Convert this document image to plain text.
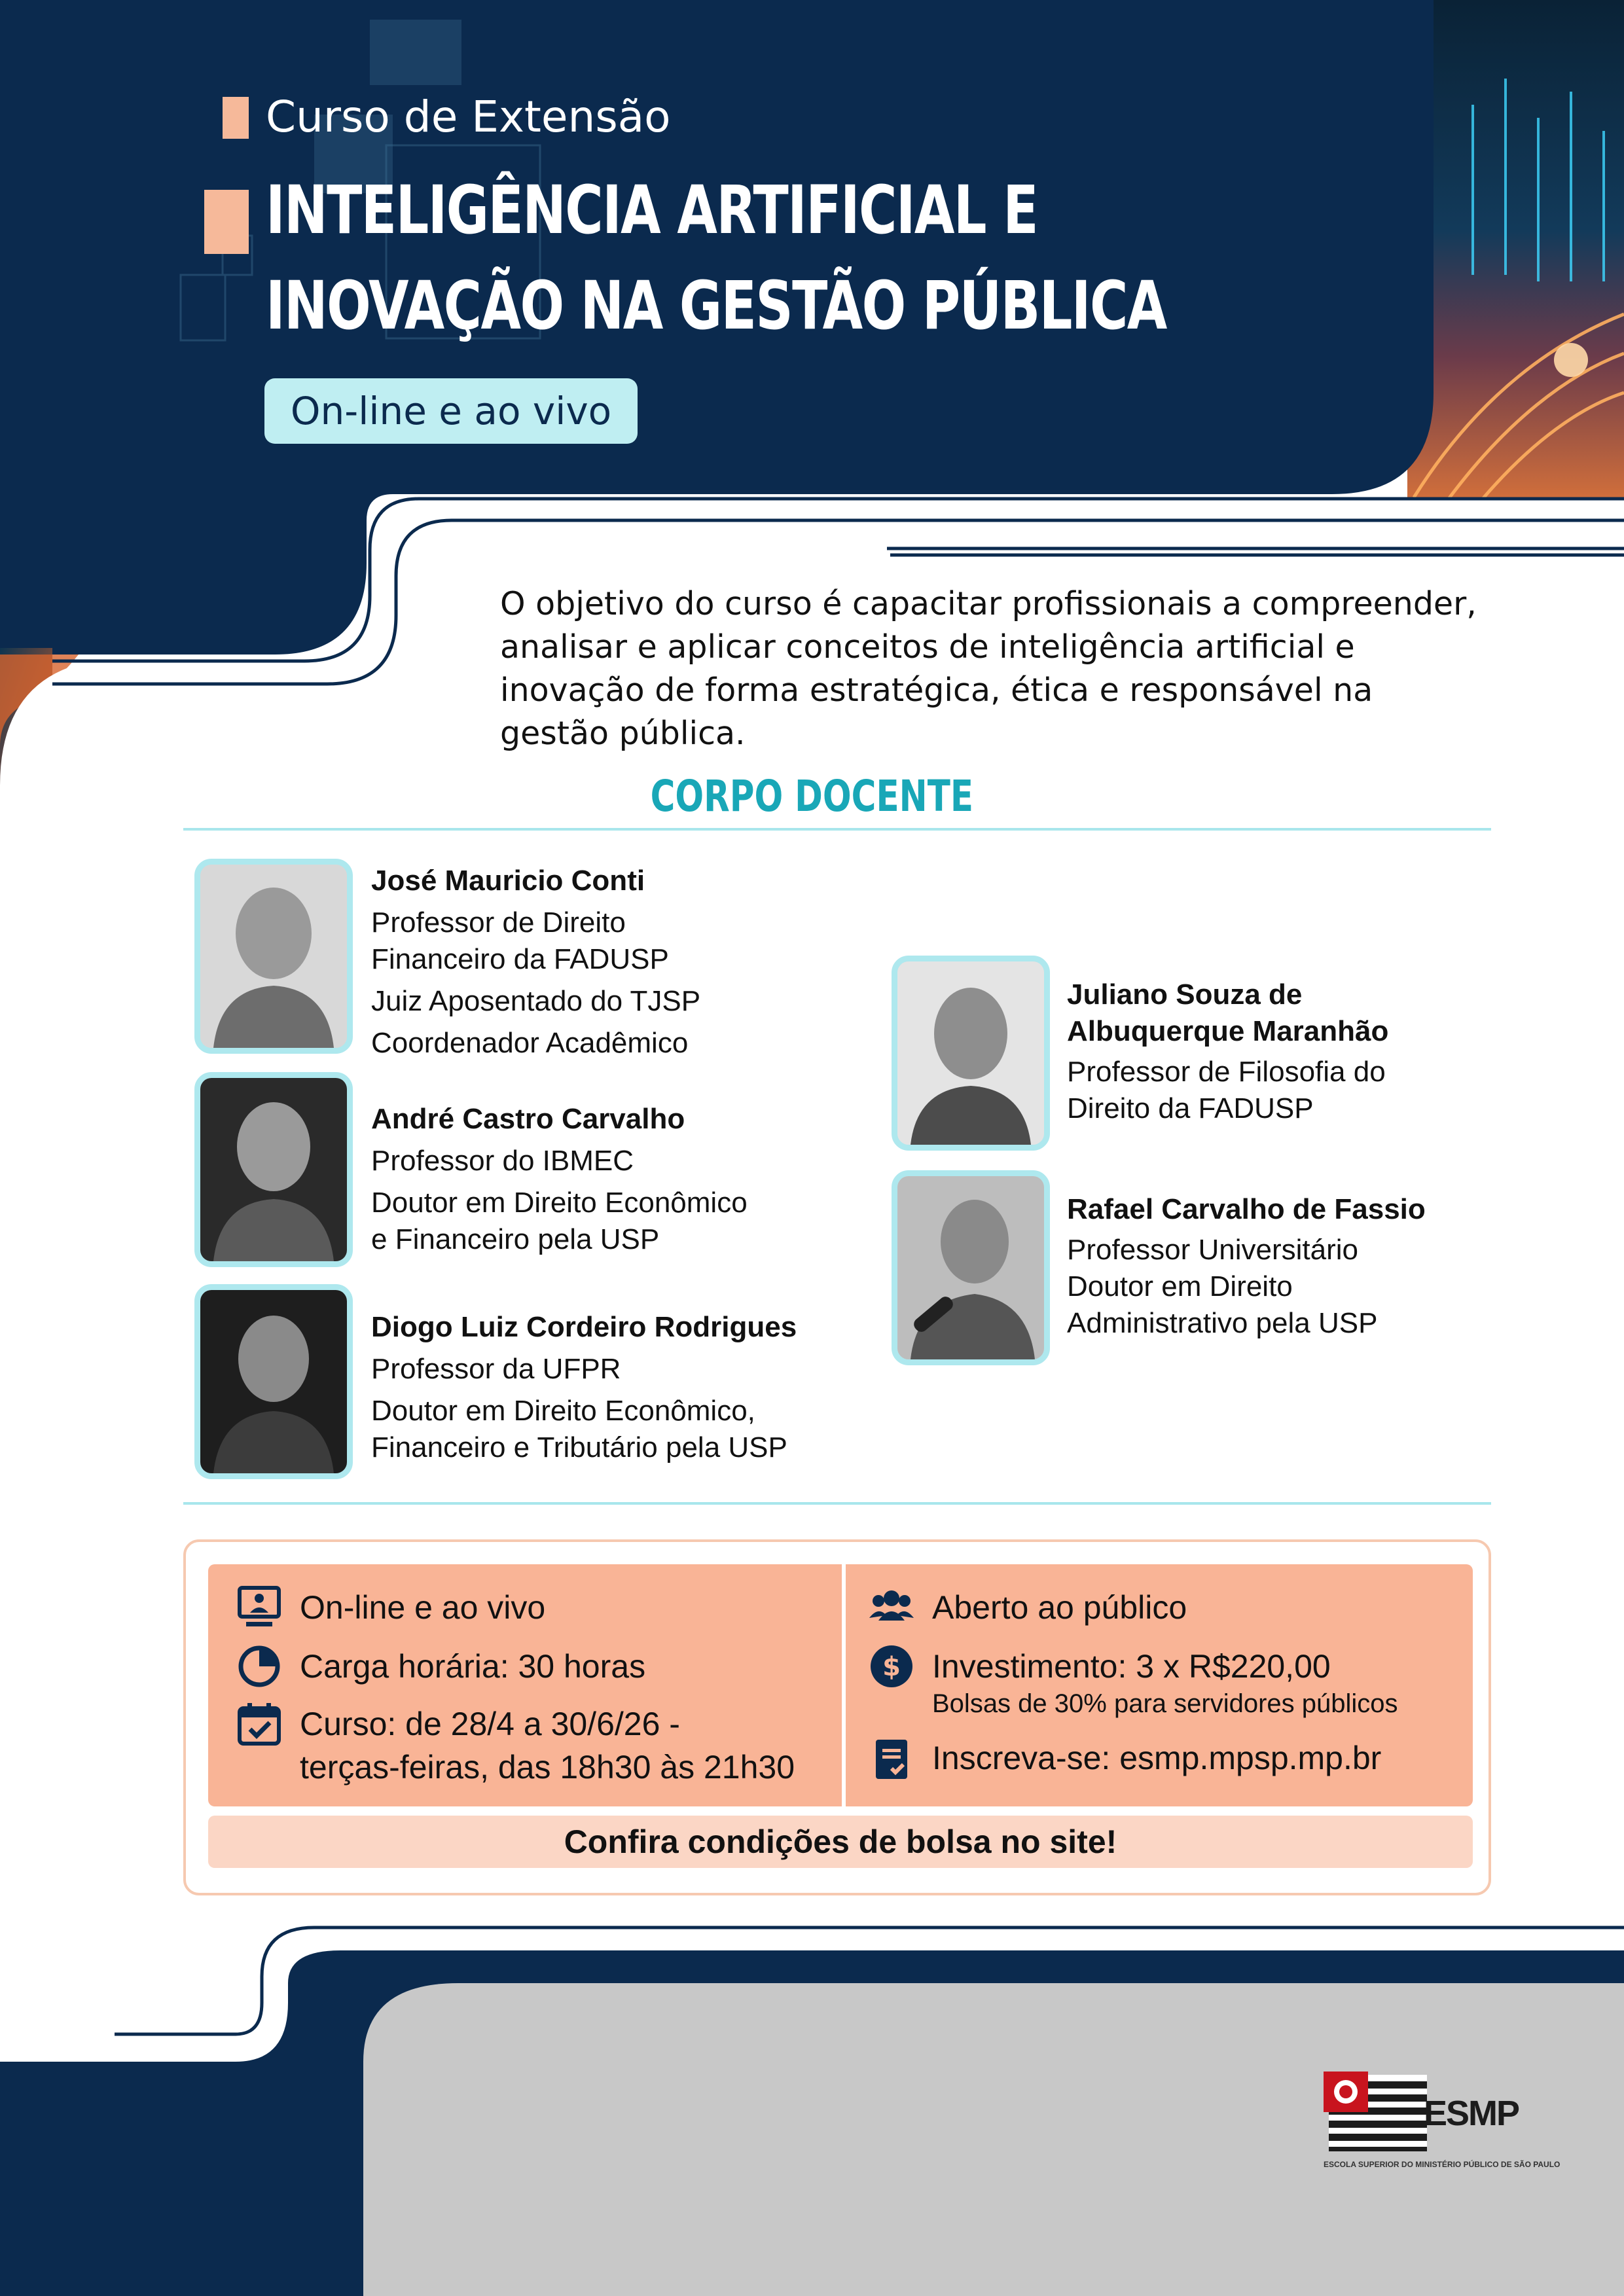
Curso de Extensão
INTELIGÊNCIA ARTIFICIAL E
INOVAÇÃO NA GESTÃO PÚBLICA
On-line e ao vivo
O objetivo do curso é capacitar profissionais a compreender, analisar e aplicar conceitos de inteligência artificial e inovação de forma estratégica, ética e responsável na gestão pública.
CORPO DOCENTE
José Mauricio Conti
Professor de Direito
Financeiro da FADUSP
Juiz Aposentado do TJSP
Coordenador Acadêmico
André Castro Carvalho
Professor do IBMEC
Doutor em Direito Econômico
e Financeiro pela USP
Diogo Luiz Cordeiro Rodrigues
Professor da UFPR
Doutor em Direito Econômico,
Financeiro e Tributário pela USP
Juliano Souza de
Albuquerque Maranhão
Professor de Filosofia do
Direito da FADUSP
Rafael Carvalho de Fassio
Professor Universitário
Doutor em Direito
Administrativo pela USP
On-line e ao vivo
Carga horária: 30 horas
Curso: de 28/4 a 30/6/26 -
terças-feiras, das 18h30 às 21h30
Aberto ao público
$ Investimento: 3 x R$220,00
Bolsas de 30% para servidores públicos
Inscreva-se: esmp.mpsp.mp.br
Confira condições de bolsa no site!
ESMP
ESCOLA SUPERIOR DO MINISTÉRIO PÚBLICO DE SÃO PAULO
